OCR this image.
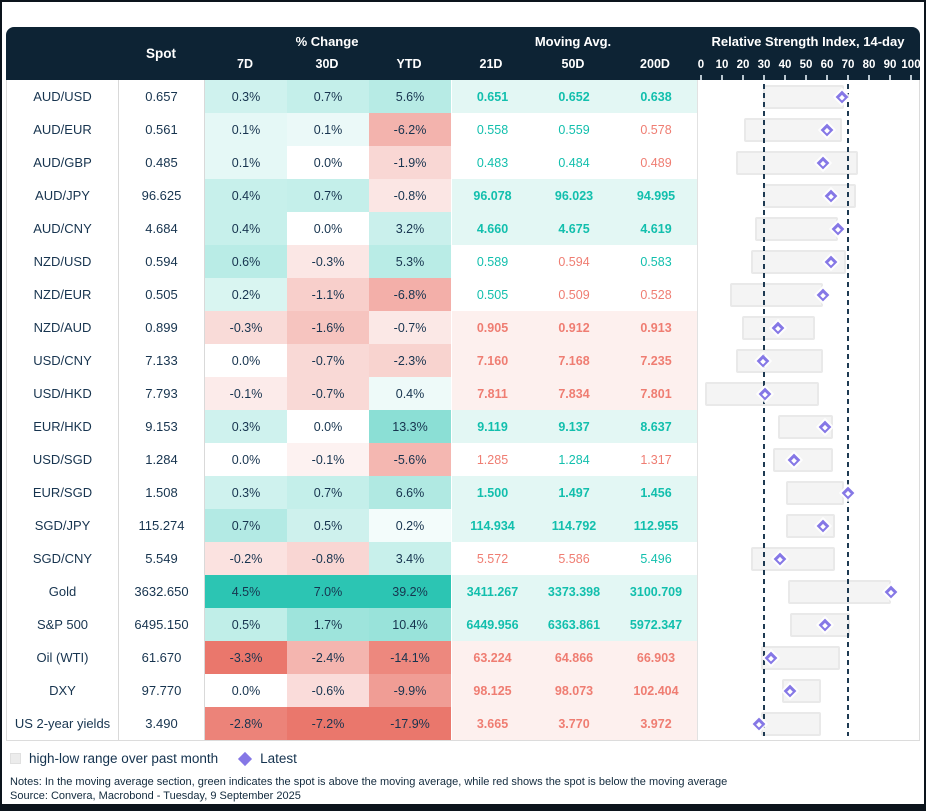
Spot
% Change
7D	30D	YTD
Moving Avg.
21D	50D	200D
Relative Strength Index, 14-day
0 10 20 30 40 50 60 70 80 90 100
AUD/USD	0.657	0.3%	0.7%	5.6%	0.651	0.652	0.638
AUD/EUR	0.561	0.1%	0.1%	-6.2%	0.558	0.559	0.578
AUD/GBP	0.485	0.1%	0.0%	-1.9%	0.483	0.484	0.489
AUD/JPY	96.625	0.4%	0.7%	-0.8%	96.078	96.023	94.995
AUD/CNY	4.684	0.4%	0.0%	3.2%	4.660	4.675	4.619
NZD/USD	0.594	0.6%	-0.3%	5.3%	0.589	0.594	0.583
NZD/EUR	0.505	0.2%	-1.1%	-6.8%	0.505	0.509	0.528
NZD/AUD	0.899	-0.3%	-1.6%	-0.7%	0.905	0.912	0.913
USD/CNY	7.133	0.0%	-0.7%	-2.3%	7.160	7.168	7.235
USD/HKD	7.793	-0.1%	-0.7%	0.4%	7.811	7.834	7.801
EUR/HKD	9.153	0.3%	0.0%	13.3%	9.119	9.137	8.637
USD/SGD	1.284	0.0%	-0.1%	-5.6%	1.285	1.284	1.317
EUR/SGD	1.508	0.3%	0.7%	6.6%	1.500	1.497	1.456
SGD/JPY	115.274	0.7%	0.5%	0.2%	114.934	114.792	112.955
SGD/CNY	5.549	-0.2%	-0.8%	3.4%	5.572	5.586	5.496
Gold	3632.650	4.5%	7.0%	39.2%	3411.267	3373.398	3100.709
S&P 500	6495.150	0.5%	1.7%	10.4%	6449.956	6363.861	5972.347
Oil (WTI)	61.670	-3.3%	-2.4%	-14.1%	63.224	64.866	66.903
DXY	97.770	0.0%	-0.6%	-9.9%	98.125	98.073	102.404
US 2-year yields	3.490	-2.8%	-7.2%	-17.9%	3.665	3.770	3.972
high-low range over past month	Latest
Notes: In the moving average section, green indicates the spot is above the moving average, while red shows the spot is below the moving average
Source: Convera, Macrobond - Tuesday, 9 September 2025
